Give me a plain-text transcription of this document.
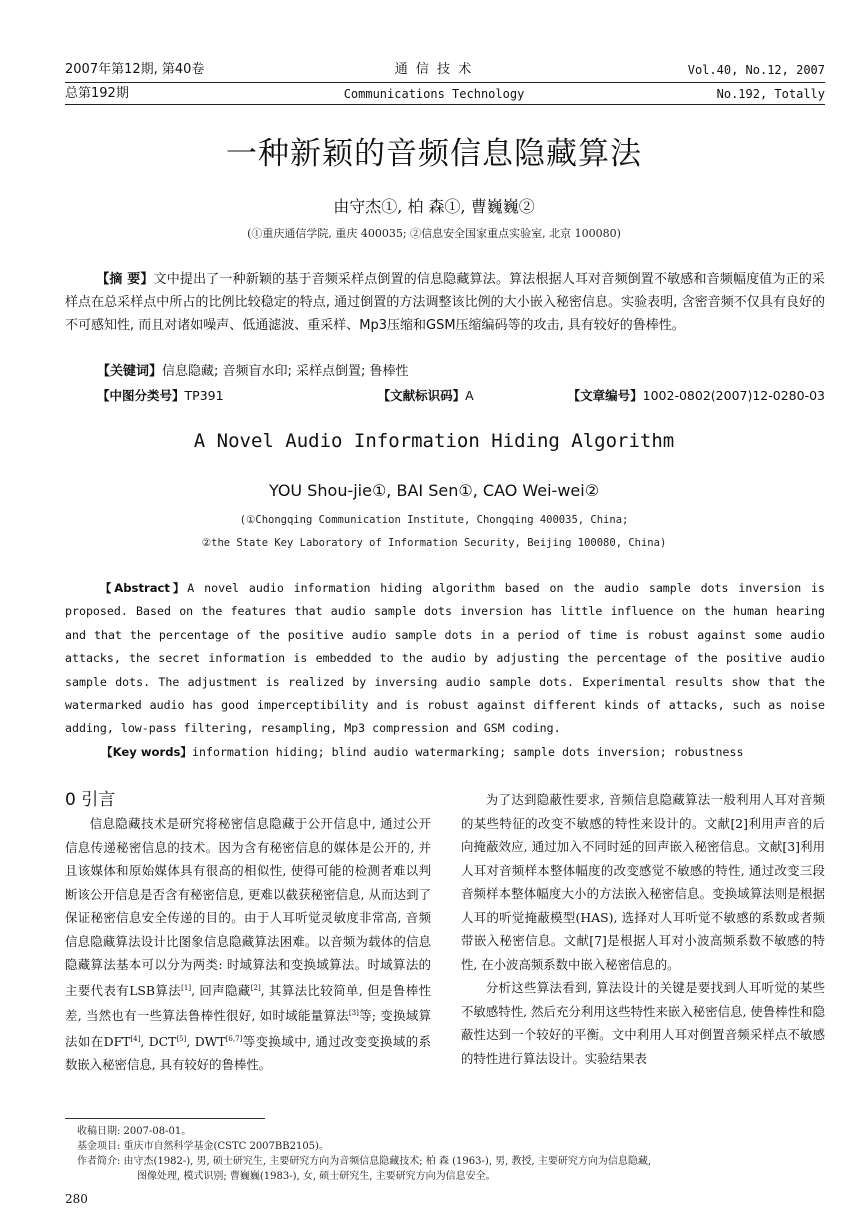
2007年第12期, 第40卷
总第192期
通 信 技 术
Communications Technology
Vol.40, No.12, 2007
No.192, Totally
一种新颖的音频信息隐藏算法
由守杰①, 柏 森①, 曹巍巍②
(①重庆通信学院, 重庆 400035; ②信息安全国家重点实验室, 北京 100080)
【摘 要】文中提出了一种新颖的基于音频采样点倒置的信息隐藏算法。算法根据人耳对音频倒置不敏感和音频幅度值为正的采样点在总采样点中所占的比例比较稳定的特点, 通过倒置的方法调整该比例的大小嵌入秘密信息。实验表明, 含密音频不仅具有良好的不可感知性, 而且对诸如噪声、低通滤波、重采样、Mp3压缩和GSM压缩编码等的攻击, 具有较好的鲁棒性。
【关键词】信息隐藏; 音频盲水印; 采样点倒置; 鲁棒性
【中图分类号】TP391	【文献标识码】A	【文章编号】1002-0802(2007)12-0280-03
A Novel Audio Information Hiding Algorithm
YOU Shou-jie①, BAI Sen①, CAO Wei-wei②
(①Chongqing Communication Institute, Chongqing 400035, China;
②the State Key Laboratory of Information Security, Beijing 100080, China)
【Abstract】A novel audio information hiding algorithm based on the audio sample dots inversion is proposed. Based on the features that audio sample dots inversion has little influence on the human hearing and that the percentage of the positive audio sample dots in a period of time is robust against some audio attacks, the secret information is embedded to the audio by adjusting the percentage of the positive audio sample dots. The adjustment is realized by inversing audio sample dots. Experimental results show that the watermarked audio has good imperceptibility and is robust against different kinds of attacks, such as noise adding, low-pass filtering, resampling, Mp3 compression and GSM coding.
【Key words】information hiding; blind audio watermarking; sample dots inversion; robustness
0 引言

信息隐藏技术是研究将秘密信息隐藏于公开信息中, 通过公开信息传递秘密信息的技术。因为含有秘密信息的媒体是公开的, 并且该媒体和原始媒体具有很高的相似性, 使得可能的检测者难以判断该公开信息是否含有秘密信息, 更难以截获秘密信息, 从而达到了保证秘密信息安全传递的目的。由于人耳听觉灵敏度非常高, 音频信息隐藏算法设计比图象信息隐藏算法困难。以音频为载体的信息隐藏算法基本可以分为两类: 时域算法和变换域算法。时域算法的主要代表有LSB算法[1], 回声隐藏[2], 其算法比较简单, 但是鲁棒性差, 当然也有一些算法鲁棒性很好, 如时域能量算法[3]等; 变换域算法如在DFT[4], DCT[5], DWT[6,7]等变换域中, 通过改变变换域的系数嵌入秘密信息, 具有较好的鲁棒性。

为了达到隐蔽性要求, 音频信息隐藏算法一般利用人耳对音频的某些特征的改变不敏感的特性来设计的。文献[2]利用声音的后向掩蔽效应, 通过加入不同时延的回声嵌入秘密信息。文献[3]利用人耳对音频样本整体幅度的改变感觉不敏感的特性, 通过改变三段音频样本整体幅度大小的方法嵌入秘密信息。变换域算法则是根据人耳的听觉掩蔽模型(HAS), 选择对人耳听觉不敏感的系数或者频带嵌入秘密信息。文献[7]是根据人耳对小波高频系数不敏感的特性, 在小波高频系数中嵌入秘密信息的。

分析这些算法看到, 算法设计的关键是要找到人耳听觉的某些不敏感特性, 然后充分利用这些特性来嵌入秘密信息, 使鲁棒性和隐蔽性达到一个较好的平衡。文中利用人耳对倒置音频采样点不敏感的特性进行算法设计。实验结果表

收稿日期: 2007-08-01。
基金项目: 重庆市自然科学基金(CSTC 2007BB2105)。
作者简介: 由守杰(1982-), 男, 硕士研究生, 主要研究方向为音频信息隐藏技术; 柏 森 (1963-), 男, 教授, 主要研究方向为信息隐藏,
图像处理, 模式识别; 曹巍巍(1983-), 女, 硕士研究生, 主要研究方向为信息安全。
280
